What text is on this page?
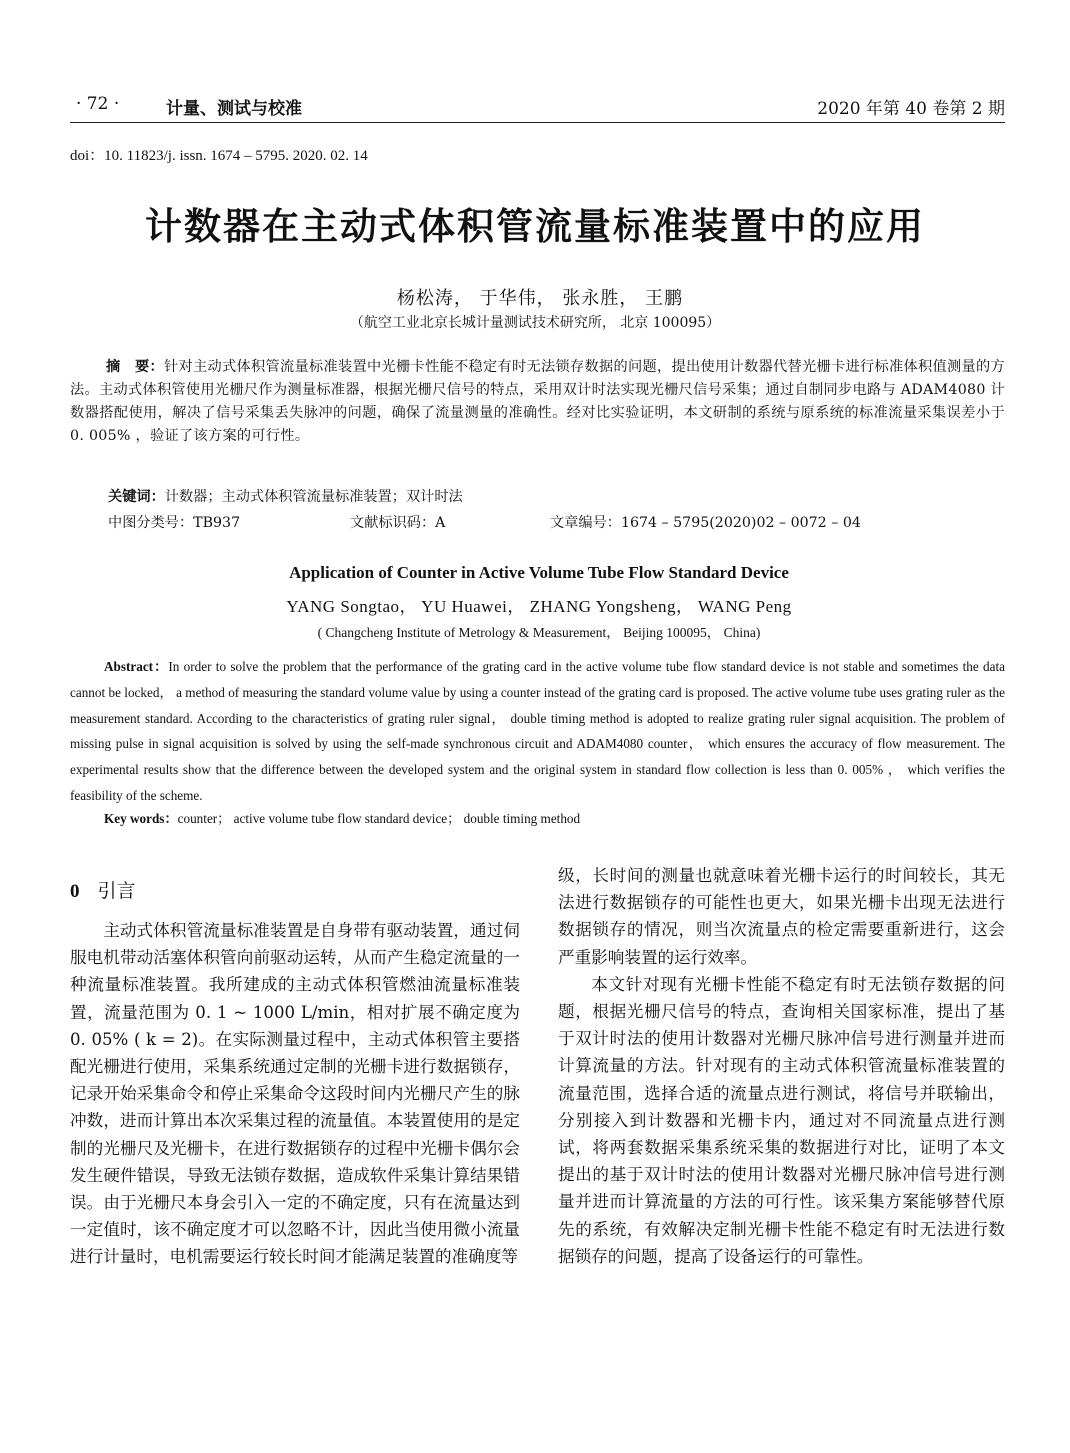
· 72 ·	计量、测试与校准	2020 年第 40 卷第 2 期
doi：10. 11823/j. issn. 1674 – 5795. 2020. 02. 14
计数器在主动式体积管流量标准装置中的应用
杨松涛， 于华伟， 张永胜， 王鹏
（航空工业北京长城计量测试技术研究所， 北京 100095）
摘　要：针对主动式体积管流量标准装置中光栅卡性能不稳定有时无法锁存数据的问题，提出使用计数器代替光栅卡进行标准体积值测量的方法。主动式体积管使用光栅尺作为测量标准器，根据光栅尺信号的特点，采用双计时法实现光栅尺信号采集；通过自制同步电路与 ADAM4080 计数器搭配使用，解决了信号采集丢失脉冲的问题，确保了流量测量的准确性。经对比实验证明，本文研制的系统与原系统的标准流量采集误差小于 0. 005% ，验证了该方案的可行性。
关键词：计数器；主动式体积管流量标准装置；双计时法
中图分类号：TB937	文献标识码：A	文章编号：1674 – 5795(2020)02 – 0072 – 04
Application of Counter in Active Volume Tube Flow Standard Device
YANG Songtao， YU Huawei， ZHANG Yongsheng， WANG Peng
( Changcheng Institute of Metrology & Measurement， Beijing 100095， China)
Abstract：In order to solve the problem that the performance of the grating card in the active volume tube flow standard device is not stable and sometimes the data cannot be locked， a method of measuring the standard volume value by using a counter instead of the grating card is proposed. The active volume tube uses grating ruler as the measurement standard. According to the characteristics of grating ruler signal， double timing method is adopted to realize grating ruler signal acquisition. The problem of missing pulse in signal acquisition is solved by using the self-made synchronous circuit and ADAM4080 counter， which ensures the accuracy of flow measurement. The experimental results show that the difference between the developed system and the original system in standard flow collection is less than 0. 005% ， which verifies the feasibility of the scheme.
Key words：counter； active volume tube flow standard device； double timing method
0 引言

主动式体积管流量标准装置是自身带有驱动装置，通过伺服电机带动活塞体积管向前驱动运转，从而产生稳定流量的一种流量标准装置。我所建成的主动式体积管燃油流量标准装置，流量范围为 0. 1 ~ 1000 L/min，相对扩展不确定度为 0. 05% ( k = 2)。在实际测量过程中，主动式体积管主要搭配光栅进行使用，采集系统通过定制的光栅卡进行数据锁存，记录开始采集命令和停止采集命令这段时间内光栅尺产生的脉冲数，进而计算出本次采集过程的流量值。本装置使用的是定制的光栅尺及光栅卡，在进行数据锁存的过程中光栅卡偶尔会发生硬件错误，导致无法锁存数据，造成软件采集计算结果错误。由于光栅尺本身会引入一定的不确定度，只有在流量达到一定值时，该不确定度才可以忽略不计，因此当使用微小流量进行计量时，电机需要运行较长时间才能满足装置的准确度等

级，长时间的测量也就意味着光栅卡运行的时间较长，其无法进行数据锁存的可能性也更大，如果光栅卡出现无法进行数据锁存的情况，则当次流量点的检定需要重新进行，这会严重影响装置的运行效率。

本文针对现有光栅卡性能不稳定有时无法锁存数据的问题，根据光栅尺信号的特点，查询相关国家标准，提出了基于双计时法的使用计数器对光栅尺脉冲信号进行测量并进而计算流量的方法。针对现有的主动式体积管流量标准装置的流量范围，选择合适的流量点进行测试，将信号并联输出，分别接入到计数器和光栅卡内，通过对不同流量点进行测试，将两套数据采集系统采集的数据进行对比，证明了本文提出的基于双计时法的使用计数器对光栅尺脉冲信号进行测量并进而计算流量的方法的可行性。该采集方案能够替代原先的系统，有效解决定制光栅卡性能不稳定有时无法进行数据锁存的问题，提高了设备运行的可靠性。
